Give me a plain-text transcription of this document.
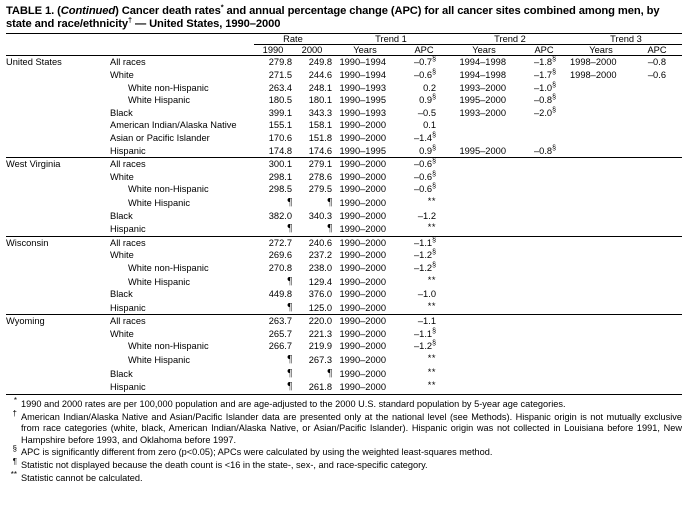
TABLE 1. (Continued) Cancer death rates* and annual percentage change (APC) for all cancer sites combined among men, by state and race/ethnicity† — United States, 1990–2000

		Rate		Trend 1		Trend 2		Trend 3	
		1990	2000	Years	APC	Years	APC	Years	APC

United States	All races	279.8	249.8	1990–1994	–0.7§	1994–1998	–1.8§	1998–2000	–0.8
	White	271.5	244.6	1990–1994	–0.6§	1994–1998	–1.7§	1998–2000	–0.6
	White non-Hispanic	263.4	248.1	1990–1993	0.2	1993–2000	–1.0§		
	White Hispanic	180.5	180.1	1990–1995	0.9§	1995–2000	–0.8§		
	Black	399.1	343.3	1990–1993	–0.5	1993–2000	–2.0§		
	American Indian/Alaska Native	155.1	158.1	1990–2000	0.1				
	Asian or Pacific Islander	170.6	151.8	1990–2000	–1.4§				
	Hispanic	174.8	174.6	1990–1995	0.9§	1995–2000	–0.8§		

West Virginia	All races	300.1	279.1	1990–2000	–0.6§				
	White	298.1	278.6	1990–2000	–0.6§				
	White non-Hispanic	298.5	279.5	1990–2000	–0.6§				
	White Hispanic	¶	¶	1990–2000	**				
	Black	382.0	340.3	1990–2000	–1.2				
	Hispanic	¶	¶	1990–2000	**				

Wisconsin	All races	272.7	240.6	1990–2000	–1.1§				
	White	269.6	237.2	1990–2000	–1.2§				
	White non-Hispanic	270.8	238.0	1990–2000	–1.2§				
	White Hispanic	¶	129.4	1990–2000	**				
	Black	449.8	376.0	1990–2000	–1.0				
	Hispanic	¶	125.0	1990–2000	**				

Wyoming	All races	263.7	220.0	1990–2000	–1.1				
	White	265.7	221.3	1990–2000	–1.1§				
	White non-Hispanic	266.7	219.9	1990–2000	–1.2§				
	White Hispanic	¶	267.3	1990–2000	**				
	Black	¶	¶	1990–2000	**				
	Hispanic	¶	261.8	1990–2000	**				

* 1990 and 2000 rates are per 100,000 population and are age-adjusted to the 2000 U.S. standard population by 5-year age categories.
† American Indian/Alaska Native and Asian/Pacific Islander data are presented only at the national level (see Methods). Hispanic origin is not mutually exclusive from race categories (white, black, American Indian/Alaska Native, or Asian/Pacific Islander). Hispanic origin was not collected in Louisiana before 1991, New Hampshire before 1993, and Oklahoma before 1997.
§ APC is significantly different from zero (p<0.05); APCs were calculated by using the weighted least-squares method.
¶ Statistic not displayed because the death count is <16 in the state-, sex-, and race-specific category.
** Statistic cannot be calculated.
